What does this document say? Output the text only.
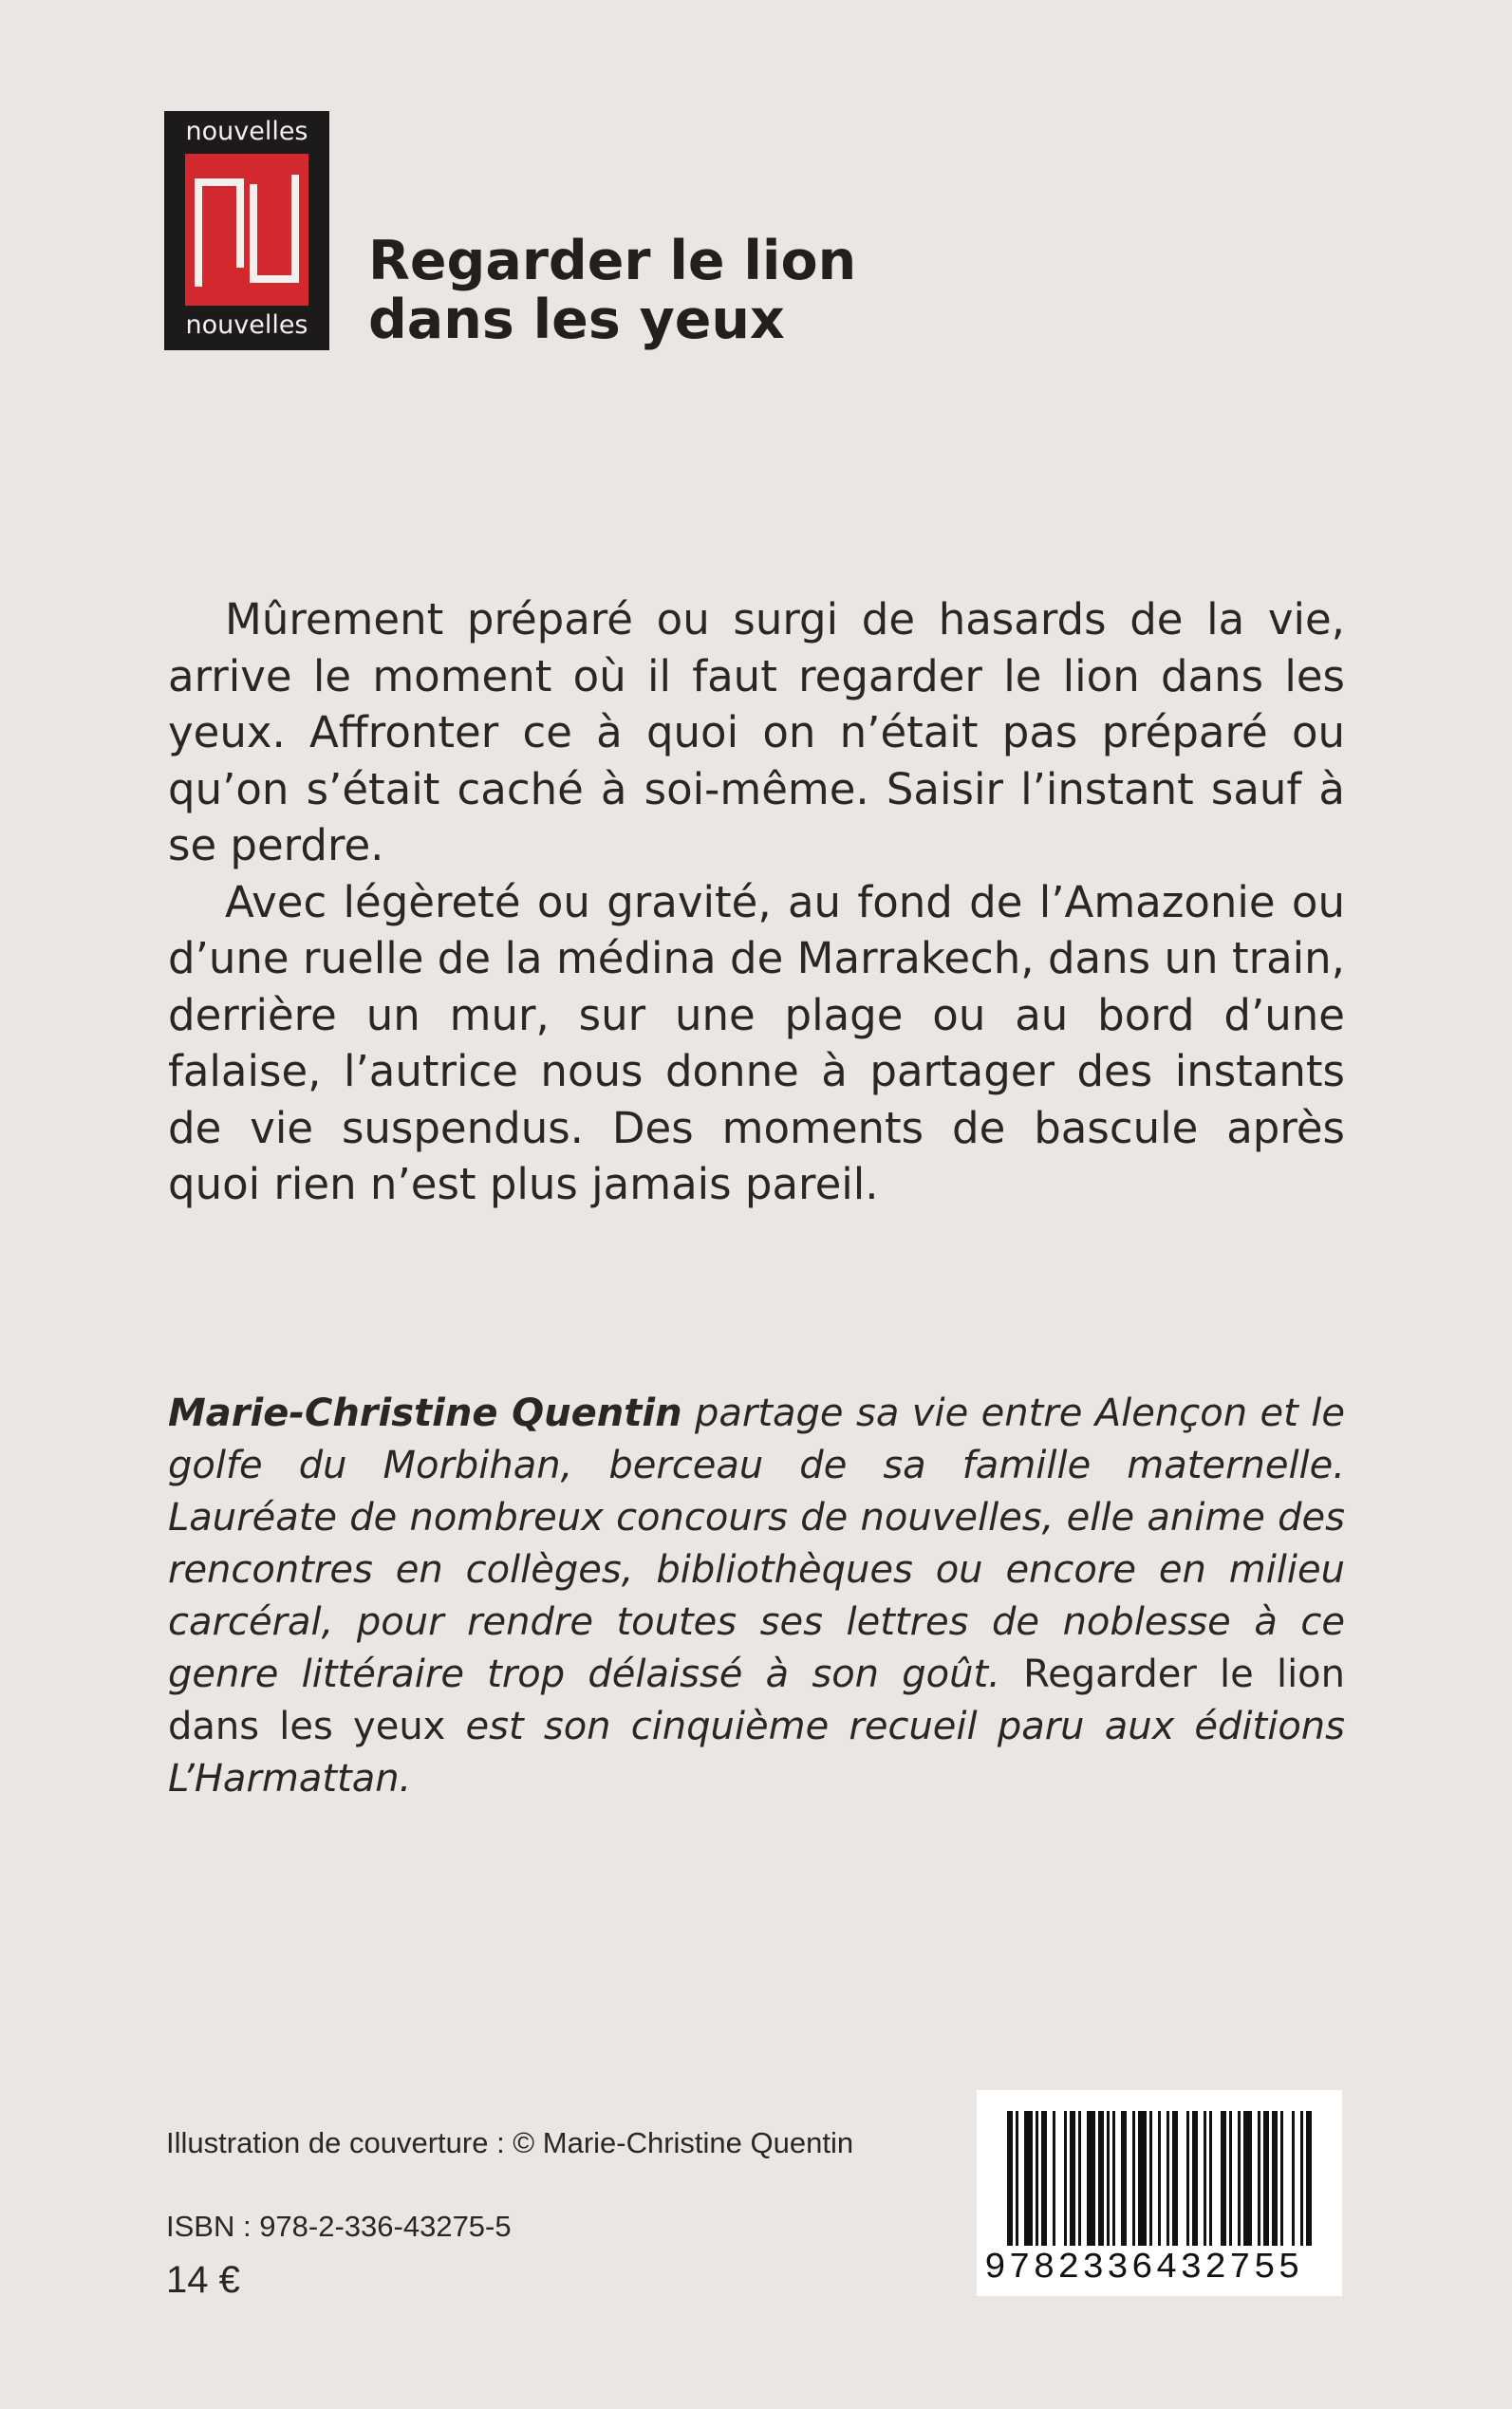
nouvelles
nouvelles
Regarder le lion
dans les yeux

Mûrement préparé ou surgi de hasards de la vie, arrive le moment où il faut regarder le lion dans les yeux. Affronter ce à quoi on n’était pas préparé ou qu’on s’était caché à soi-même. Saisir l’instant sauf à se perdre.

Avec légèreté ou gravité, au fond de l’Amazonie ou d’une ruelle de la médina de Marrakech, dans un train, derrière un mur, sur une plage ou au bord d’une falaise, l’autrice nous donne à partager des instants de vie suspendus. Des moments de bascule après quoi rien n’est plus jamais pareil.

Marie-Christine Quentin partage sa vie entre Alençon et le golfe du Morbihan, berceau de sa famille maternelle. Lauréate de nombreux concours de nouvelles, elle anime des rencontres en collèges, bibliothèques ou encore en milieu carcéral, pour rendre toutes ses lettres de noblesse à ce genre littéraire trop délaissé à son goût. Regarder le lion dans les yeux est son cinquième recueil paru aux éditions L’Harmattan.

Illustration de couverture : © Marie-Christine Quentin
ISBN : 978-2-336-43275-5
14 €	9782336432755
